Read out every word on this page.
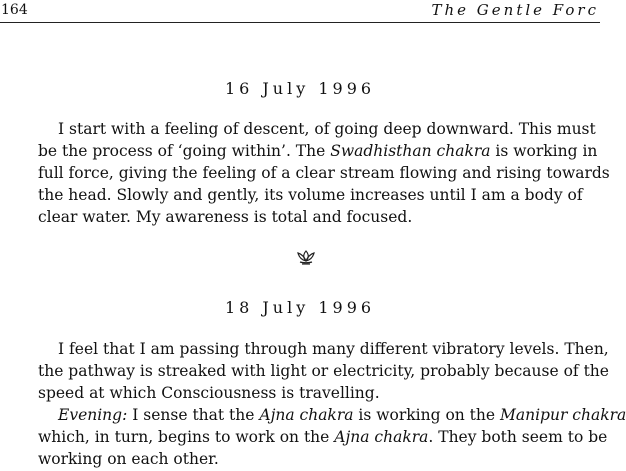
164	The Gentle Forc
16 July 1996
I start with a feeling of descent, of going deep downward. This must
be the process of ‘going within’. The Swadhisthan chakra is working in
full force, giving the feeling of a clear stream flowing and rising towards
the head. Slowly and gently, its volume increases until I am a body of
clear water. My awareness is total and focused.
18 July 1996
I feel that I am passing through many different vibratory levels. Then,
the pathway is streaked with light or electricity, probably because of the
speed at which Consciousness is travelling.
Evening: I sense that the Ajna chakra is working on the Manipur chakra
which, in turn, begins to work on the Ajna chakra. They both seem to be
working on each other.
